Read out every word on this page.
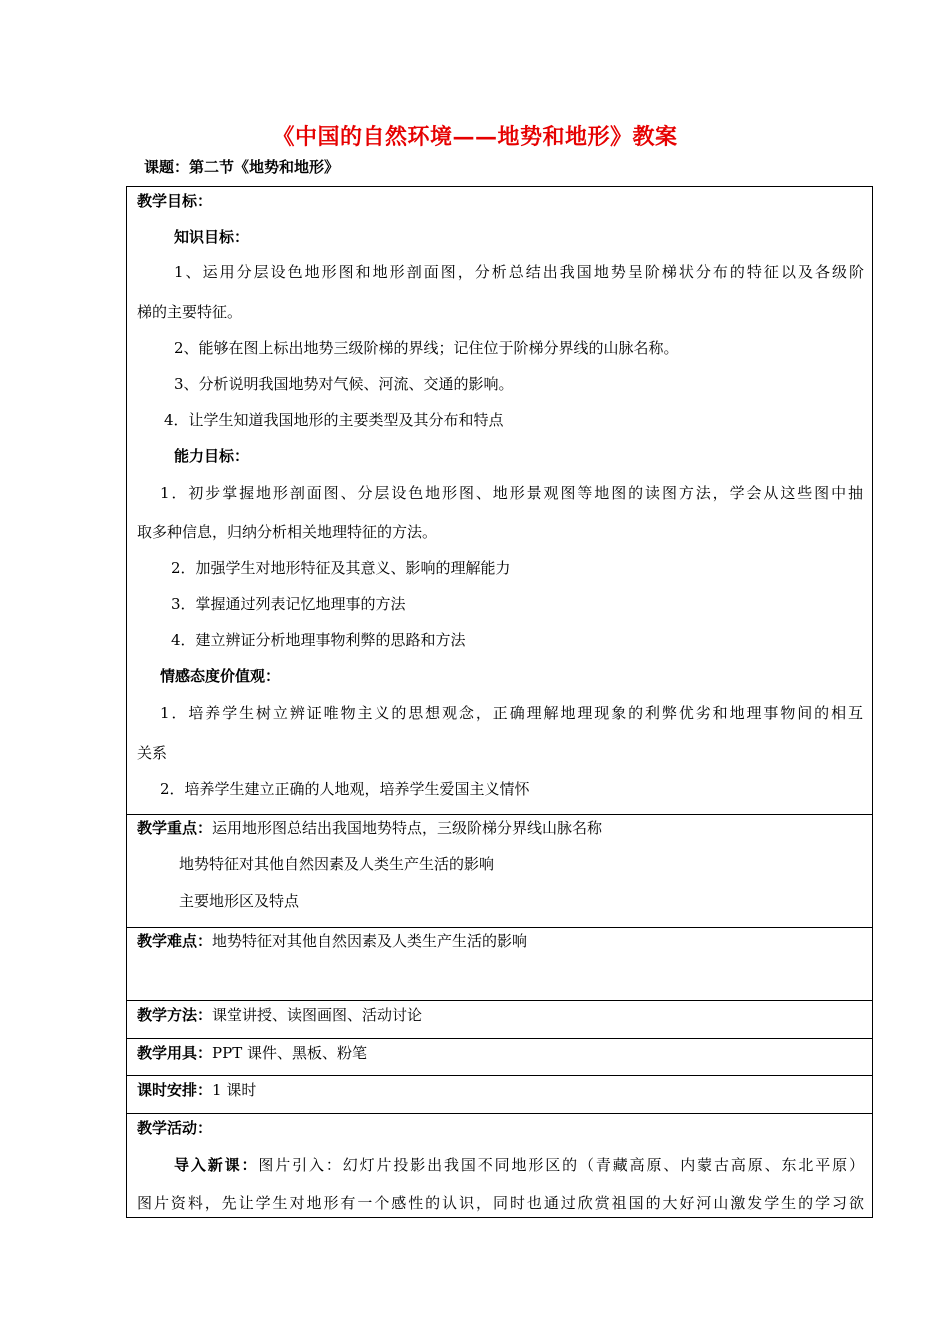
《中国的自然环境——地势和地形》教案
课题：第二节《地势和地形》
教学目标：
知识目标：
1、运用分层设色地形图和地形剖面图，分析总结出我国地势呈阶梯状分布的特征以及各级阶
梯的主要特征。
2、能够在图上标出地势三级阶梯的界线；记住位于阶梯分界线的山脉名称。
3、分析说明我国地势对气候、河流、交通的影响。
4．让学生知道我国地形的主要类型及其分布和特点
能力目标：
1．初步掌握地形剖面图、分层设色地形图、地形景观图等地图的读图方法，学会从这些图中抽
取多种信息，归纳分析相关地理特征的方法。
2．加强学生对地形特征及其意义、影响的理解能力
3．掌握通过列表记忆地理事的方法
4．建立辨证分析地理事物利弊的思路和方法
情感态度价值观：
1．培养学生树立辨证唯物主义的思想观念，正确理解地理现象的利弊优劣和地理事物间的相互
关系
2．培养学生建立正确的人地观，培养学生爱国主义情怀
教学重点：运用地形图总结出我国地势特点，三级阶梯分界线山脉名称
地势特征对其他自然因素及人类生产生活的影响
主要地形区及特点
教学难点：地势特征对其他自然因素及人类生产生活的影响
教学方法：课堂讲授、读图画图、活动讨论
教学用具：PPT 课件、黑板、粉笔
课时安排：1 课时
教学活动：
导入新课：图片引入：幻灯片投影出我国不同地形区的（青藏高原、内蒙古高原、东北平原）
图片资料，先让学生对地形有一个感性的认识，同时也通过欣赏祖国的大好河山激发学生的学习欲
